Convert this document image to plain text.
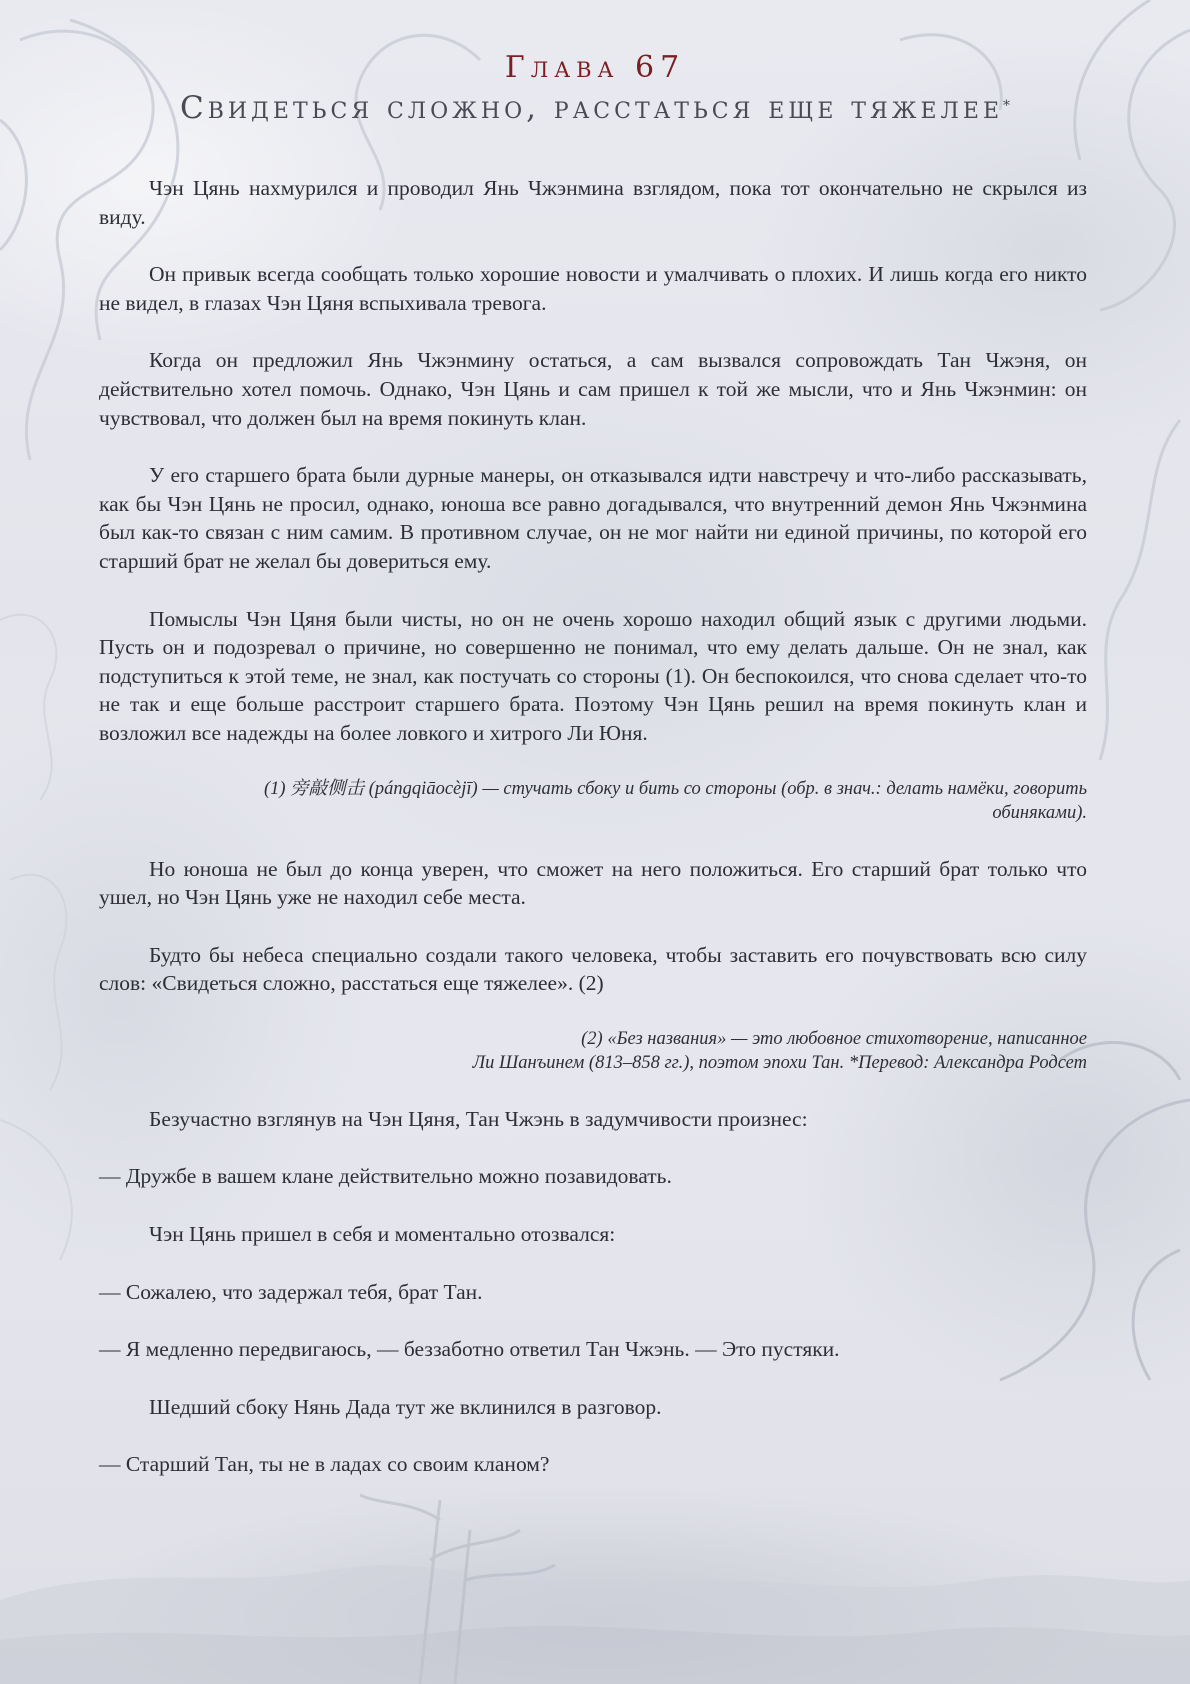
Глава 67
Свидеться сложно, расстаться еще тяжелее*

Чэн Цянь нахмурился и проводил Янь Чжэнмина взглядом, пока тот окончательно не скрылся из виду.

Он привык всегда сообщать только хорошие новости и умалчивать о плохих. И лишь когда его никто не видел, в глазах Чэн Цяня вспыхивала тревога.

Когда он предложил Янь Чжэнмину остаться, а сам вызвался сопровождать Тан Чжэня, он действительно хотел помочь. Однако, Чэн Цянь и сам пришел к той же мысли, что и Янь Чжэнмин: он чувствовал, что должен был на время покинуть клан.

У его старшего брата были дурные манеры, он отказывался идти навстречу и что-либо рассказывать, как бы Чэн Цянь не просил, однако, юноша все равно догадывался, что внутренний демон Янь Чжэнмина был как-то связан с ним самим. В противном случае, он не мог найти ни единой причины, по которой его старший брат не желал бы довериться ему.

Помыслы Чэн Цяня были чисты, но он не очень хорошо находил общий язык с другими людьми. Пусть он и подозревал о причине, но совершенно не понимал, что ему делать дальше. Он не знал, как подступиться к этой теме, не знал, как постучать со стороны (1). Он беспокоился, что снова сделает что-то не так и еще больше расстроит старшего брата. Поэтому Чэн Цянь решил на время покинуть клан и возложил все надежды на более ловкого и хитрого Ли Юня.

(1) 旁敲侧击 (pángqiāocèjī) — стучать сбоку и бить со стороны (обр. в знач.: делать намёки, говорить
обиняками).

Но юноша не был до конца уверен, что сможет на него положиться. Его старший брат только что ушел, но Чэн Цянь уже не находил себе места.

Будто бы небеса специально создали такого человека, чтобы заставить его почувствовать всю силу слов: «Свидеться сложно, расстаться еще тяжелее». (2)

(2) «Без названия» — это любовное стихотворение, написанное
Ли Шанъинем (813–858 гг.), поэтом эпохи Тан. *Перевод: Александра Родсет

Безучастно взглянув на Чэн Цяня, Тан Чжэнь в задумчивости произнес:

— Дружбе в вашем клане действительно можно позавидовать.

Чэн Цянь пришел в себя и моментально отозвался:

— Сожалею, что задержал тебя, брат Тан.

— Я медленно передвигаюсь, — беззаботно ответил Тан Чжэнь. — Это пустяки.

Шедший сбоку Нянь Дада тут же вклинился в разговор.

— Старший Тан, ты не в ладах со своим кланом?
